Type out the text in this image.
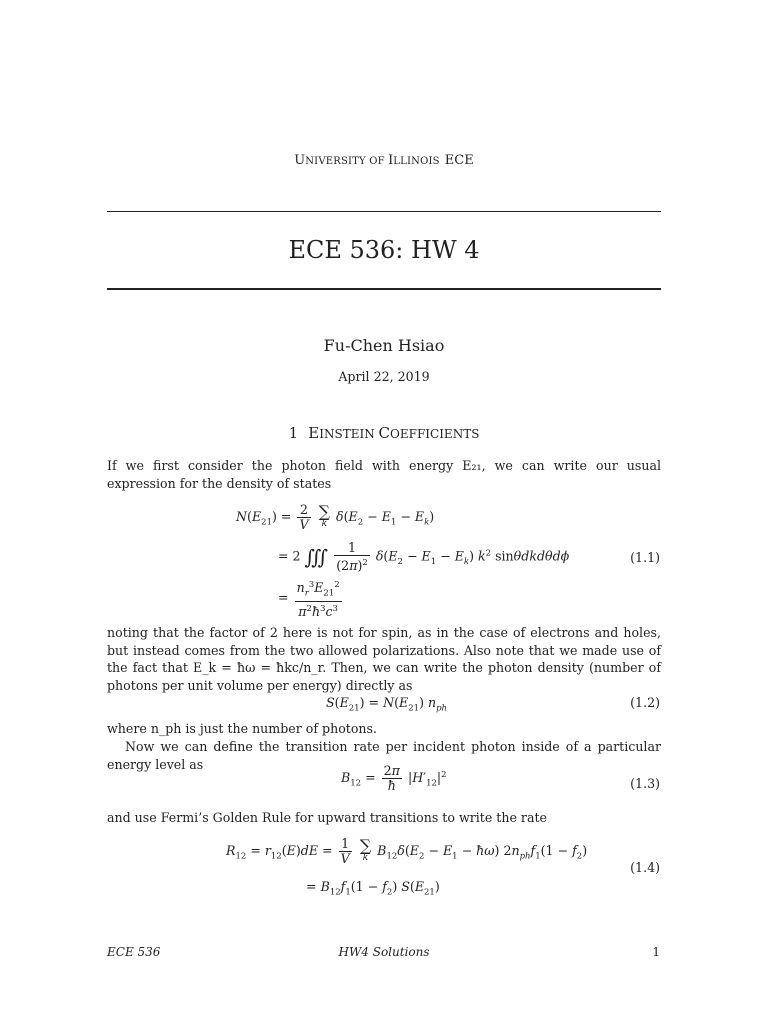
UNIVERSITY OF ILLINOIS ECE
ECE 536: HW 4
Fu-Chen Hsiao
April 22, 2019
1 EINSTEIN COEFFICIENTS
If we first consider the photon field with energy E₂₁, we can write our usual expression for the density of states
$N(E_{21}) = \frac{2}{V}$
∑
k $\delta(E_2 - E_1 - E_k)$
= 2 ∭ $\frac{1}{(2\pi)^2} \delta(E_2 - E_1 - E_k)$ $k^2$ sinθdkdθdϕ	(1.1)
= $\frac{n_r^3E_{21}^2}{\pi^2ħ^3c^3}$
noting that the factor of 2 here is not for spin, as in the case of electrons and holes, but instead comes from the two allowed polarizations. Also note that we made use of the fact that E_k = ħω = ħkc/n_r. Then, we can write the photon density (number of photons per unit volume per energy) directly as
$S(E_{21}) = N(E_{21})$ $n_{ph}$	(1.2)
where n_ph is just the number of photons.
Now we can define the transition rate per incident photon inside of a particular energy level as
$B_{12} = \frac{2\pi}{ħ} |H'_{12}|^2$
(1.3)
and use Fermi’s Golden Rule for upward transitions to write the rate
$R_{12} = r_{12}(E)dE = \frac{1}{V}$
∑
k $B_{12}\delta(E_2 - E_1$ − ħω) $2n_{ph}f_1(1 - f_2)$
(1.4)
= $B_{12}f_1(1 - f_2)$ $S(E_{21})$
ECE 536	HW4 Solutions	1
